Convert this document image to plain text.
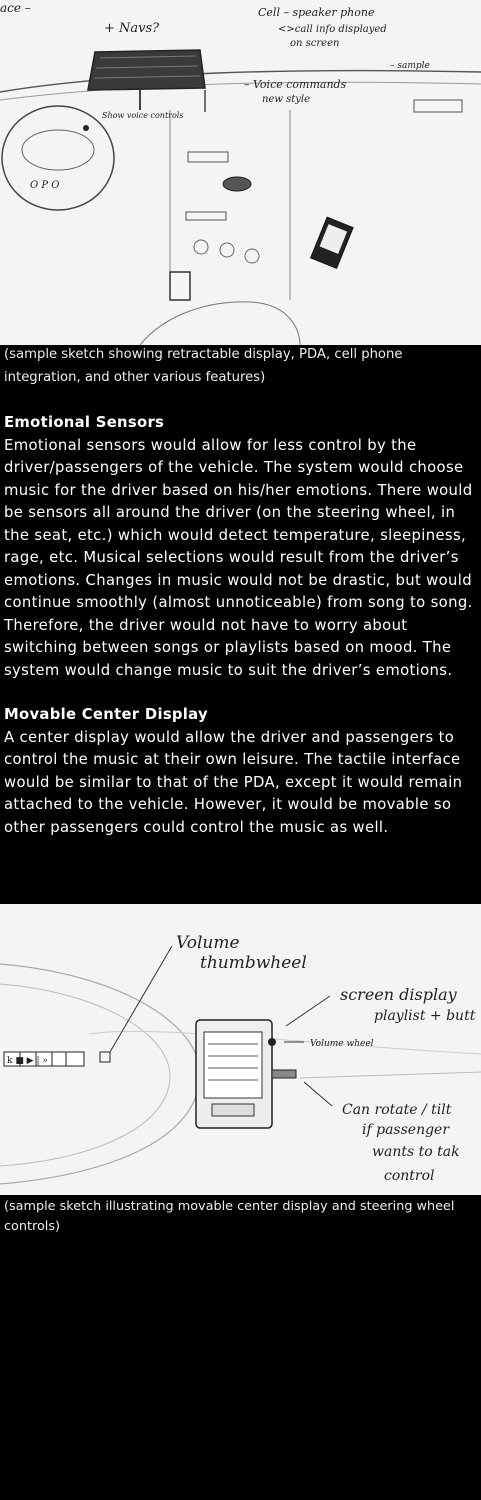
O P O
ace –
+ Navs?
Cell – speaker phone
<>call info displayed
on screen
– Voice commands
new style
– sample
Show voice controls

(sample sketch showing retractable display, PDA, cell phone integration, and other various features)

Emotional Sensors

Emotional sensors would allow for less control by the driver/passengers of the vehicle. The system would choose music for the driver based on his/her emotions. There would be sensors all around the driver (on the steering wheel, in the seat, etc.) which would detect temperature, sleepiness, rage, etc. Musical selections would result from the driver’s emotions. Changes in music would not be drastic, but would continue smoothly (almost unnoticeable) from song to song. Therefore, the driver would not have to worry about switching between songs or playlists based on mood. The system would change music to suit the driver’s emotions.

Movable Center Display

A center display would allow the driver and passengers to control the music at their own leisure. The tactile interface would be similar to that of the PDA, except it would remain attached to the vehicle. However, it would be movable so other passengers could control the music as well.

k ■ ▶ | »
Volume
thumbwheel
screen display
playlist + butt
Volume wheel
Can rotate / tilt
if passenger
wants to tak
control

(sample sketch illustrating movable center display and steering wheel controls)
